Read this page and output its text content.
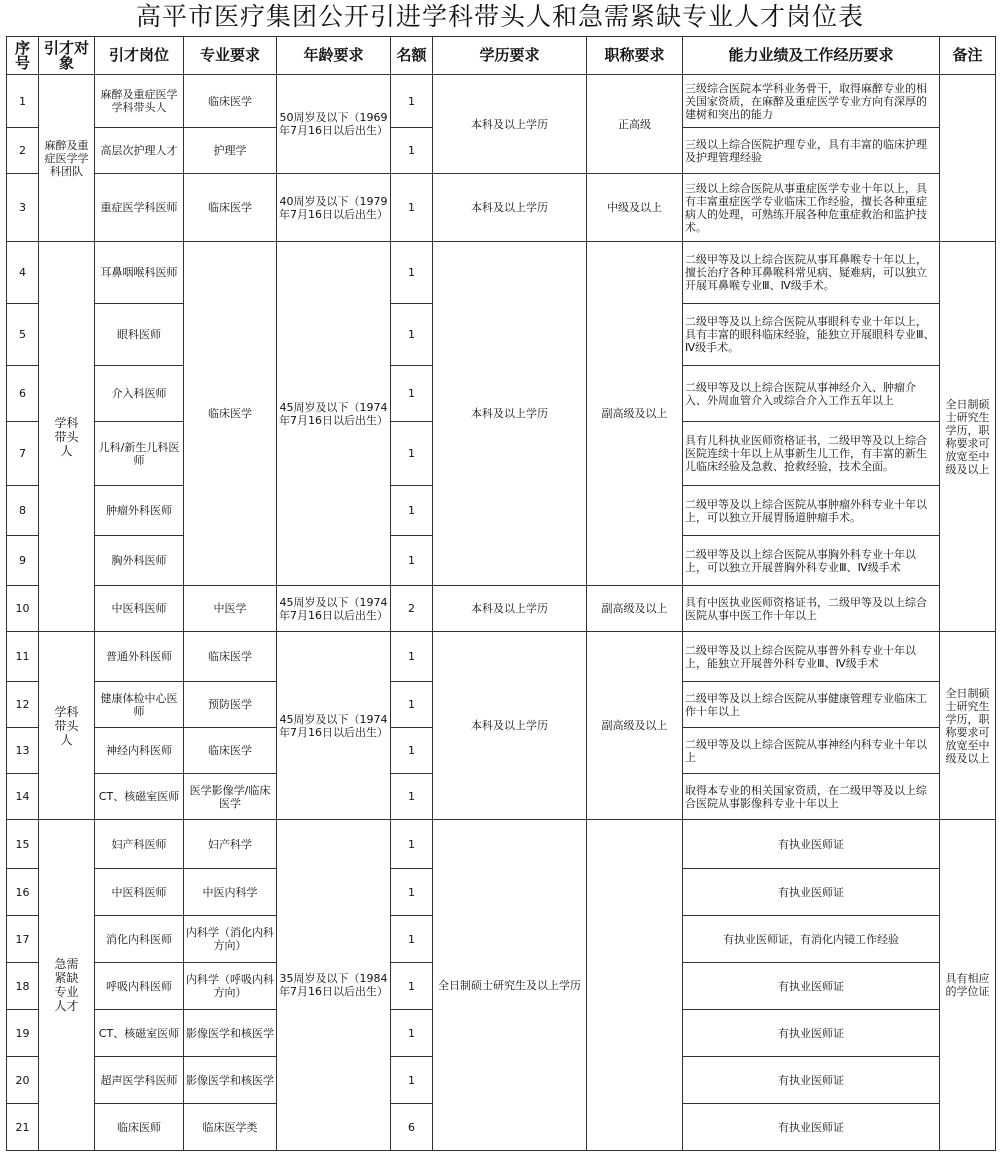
高平市医疗集团公开引进学科带头人和急需紧缺专业人才岗位表
序号	引才对象	引才岗位	专业要求	年龄要求	名额	学历要求	职称要求	能力业绩及工作经历要求	备注
1	麻醉及重症医学学科团队	麻醉及重症医学学科带头人	临床医学	50周岁及以下（1969年7月16日以后出生）	1	本科及以上学历	正高级	三级综合医院本学科业务骨干，取得麻醉专业的相关国家资质，在麻醉及重症医学专业方向有深厚的建树和突出的能力	
2		高层次护理人才	护理学		1			三级以上综合医院护理专业，具有丰富的临床护理及护理管理经验	
3		重症医学科医师	临床医学	40周岁及以下（1979年7月16日以后出生）	1	本科及以上学历	中级及以上	三级以上综合医院从事重症医学专业十年以上，具有丰富重症医学专业临床工作经验，擅长各种重症病人的处理，可熟练开展各种危重症救治和监护技术。	
4	学科带头人	耳鼻咽喉科医师	临床医学	45周岁及以下（1974年7月16日以后出生）	1	本科及以上学历	副高级及以上	二级甲等及以上综合医院从事耳鼻喉专十年以上，擅长治疗各种耳鼻喉科常见病、疑难病，可以独立开展耳鼻喉专业Ⅲ、Ⅳ级手术。	全日制硕士研究生学历，职称要求可放宽至中级及以上
5		眼科医师			1			二级甲等及以上综合医院从事眼科专业十年以上，具有丰富的眼科临床经验，能独立开展眼科专业Ⅲ、Ⅳ级手术。	
6		介入科医师			1			二级甲等及以上综合医院从事神经介入、肿瘤介入、外周血管介入或综合介入工作五年以上	
7		儿科/新生儿科医师			1			具有儿科执业医师资格证书，二级甲等及以上综合医院连续十年以上从事新生儿工作，有丰富的新生儿临床经验及急救、抢救经验，技术全面。	
8		肿瘤外科医师			1			二级甲等及以上综合医院从事肿瘤外科专业十年以上，可以独立开展胃肠道肿瘤手术。	
9		胸外科医师			1			二级甲等及以上综合医院从事胸外科专业十年以上，可以独立开展普胸外科专业Ⅲ、Ⅳ级手术	
10		中医科医师	中医学	45周岁及以下（1974年7月16日以后出生）	2	本科及以上学历	副高级及以上	具有中医执业医师资格证书，二级甲等及以上综合医院从事中医工作十年以上	
11	学科带头人	普通外科医师	临床医学	45周岁及以下（1974年7月16日以后出生）	1	本科及以上学历	副高级及以上	二级甲等及以上综合医院从事普外科专业十年以上，能独立开展普外科专业Ⅲ、Ⅳ级手术	全日制硕士研究生学历，职称要求可放宽至中级及以上
12		健康体检中心医师	预防医学		1			二级甲等及以上综合医院从事健康管理专业临床工作十年以上	
13		神经内科医师	临床医学		1			二级甲等及以上综合医院从事神经内科专业十年以上	
14		CT、核磁室医师	医学影像学/临床医学		1			取得本专业的相关国家资质，在二级甲等及以上综合医院从事影像科专业十年以上	
15	急需紧缺专业人才	妇产科医师	妇产科学	35周岁及以下（1984年7月16日以后出生）	1	全日制硕士研究生及以上学历		有执业医师证	具有相应的学位证
16		中医科医师	中医内科学		1			有执业医师证	
17		消化内科医师	内科学（消化内科方向）		1			有执业医师证，有消化内镜工作经验	
18		呼吸内科医师	内科学（呼吸内科方向）		1			有执业医师证	
19		CT、核磁室医师	影像医学和核医学		1			有执业医师证	
20		超声医学科医师	影像医学和核医学		1			有执业医师证	
21		临床医师	临床医学类		6			有执业医师证	
